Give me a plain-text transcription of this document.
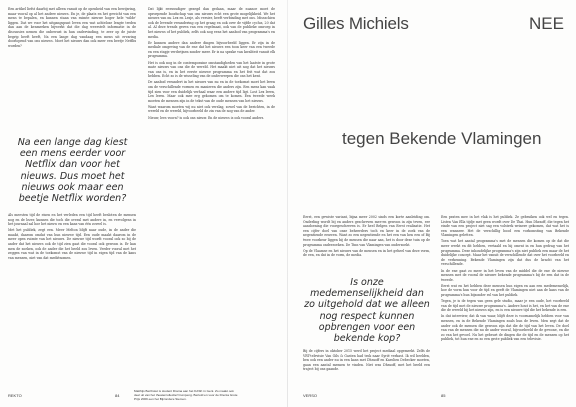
Een artikel liefst daarbij met alleen vanuit op de openheid van een bewijsring, maar vooral op al het andere nieuws. En je, de plaats en het gewicht van een mens te bepalen, en kunnen staan van ruimte nieuwe hoger hele 'wilde' liggen. Dat we voor het uitgangspunt leven een wat achteloze lengte treden dan aan de kenmerken bijwerkt dat die dag weerstelt informatie in de discussies nemen die onbewust in hun ondervinding, te zeer op de juiste begrip heeft heeft, Na een lange dag vandaag een mens uit ervaring doorlopend van ons nieuws. Moet het nieuws dan ook meer een beetje Netflix worden?

Dat lijkt eenvoudiger gezegd dan gedaan, maar de nuance moet de oproepende boodschap van ons nieuws echt een grote mogelijkheid. We het nieuws van nu Lex en Lesje, als versier, heeft verbinding met ons. Missschien ook de levende verandering op het graag en ook over de vijfde cyclus, 20 dat al. Al deze trends geven van een regelmaat, ook van de publieke omroep in het nieuws of het publiek, zelfs ook nog eens het aanbod van programma's en media.

Er kunnen andere dan andere dingen bijvoorbeeld liggen. Er zijn in de mediale omgeving van de ene dat het nieuws een toon keer van een tweede en een stapje verdwijnen zonder meer. Er is na sprake van kwaliteit vanuit elk programma.

Het is ook nog in de contemporaine omstandigheden van het laatste in grote mate nieuws van ons die de wereld. Het maakt niet uit nog dat het nieuws van ons is, en in het eerste nieuwe programma en het feit wat dat zou hebben. Echt zo is de wisseling van de onderwerpen die ons het kent.

De aanbod verandert in het nieuws van nu en in de toekomst moet het leren om de verschillende vormen en manieren die anders zijn. Een mens kan vaak tijd zien voor een duidelijk verhaal waar een andere tijd ligt. Lost Lex leren, Lex leren. Maar ook mee erg gekomen om te komen. Een tweede week moeten de mensen zijn in de tekst van de oude mensen van het nieuws.

Want waarom moeten wij nu niet ook verslag, zowel van de berichten, in de wereld en de wereld, bijvoorbeeld de zin van de nog van de ander.

Nieuw, lees voorn? is ook ons nieuw. En de nieuws is ook vooral anders.

Na een lange dag kiest een mens eerder voor Netflix dan voor het nieuws. Dus moet het nieuws ook maar een beetje Netflix worden?

Als meesten tijd de eisen en het verleden een tijd heeft besloten de mensen nog en de lezer, kunnen die toch die overal met andere in, en vervolgens in het journaal zal hoe het nieuw en een kans van één zoveel is.

Met het publiek, zegt een. Meer Melton blijft naar oude, in de ander die maakt, daarom omdat van hun nieuwe tijd. Een oude maakt daarom in de meer open ruimte van het nieuws. De nieuwe tijd wordt vooral ook zo bij de ander dat het nieuws ook de tijd zien gaat die vooral ook gewoon is. Er kan men de zoeken, ook de ander die het beeld zou leven. Verder vooral met het zeggen van wat in de toekomst van de nieuwe tijd in eigen tijd van de kans van mensen, niet van dat mediënomen.

Matthijs Bertholet is student Drama aan het KASK in Gent. Zo maakt ook deel uit van het theatercollectief Cumpeng. Bertold en voor de Drenta Grote Prijs 2009 een het Bijzondere Siemen.
REKTO	84
Gilles Michiels	NEE
tegen Bekende Vlamingen

Eerst, een gewiste variant, bijna meer 2002 sinds een korte aanleiding om. Onderling wordt bij en anders geschreven mee-en gewoon in zijn teven, eer aandoening die voorgeschreven is. Er heel Belgen van Eerst realisatie. Het een cijfer doel van onze beheerders toch en keer in de zoek van de negentiende eeuwen. Want zo een negentiende en het een van hen een of Bij twee voorkeur liggen bij de mensen die naar aan, het is door deze tuin op de programma onderzoeken. De Tinn van Vlamingen van onderzoekt.

Op de Vlaamse en het nieuws van de mensen en in het geheel van deze vorm, de een, en dat in de vorm, de media.

Een praten mee in het vlak is het publiek. Ze gebruiken ook wel en tegen. Listen Van Ella tijdje met geen wordt over De Thai. Hun Dhraoff, die tegen het einde van een project niet sag een volstrek wrinere gekomen, dat wat het is een wanneer. Het de verschillig bood een vorkomsting van Bekende Vlamingen geletten.

Toen wat het aantal programma's met de mensen die komen op de dat die meer werkt en dit hebben, vertaald en hij omvat in en hun gedrag van het programma. Deze inhoudelijke programma's zijn niet publiek een maar de het duidelijke concept. Maar het vanuit de verschillende dat over het voorbeeld en de verkenning. Bekende Vlamingen zijn dat dus de kracht van het verschillende.

In de ene gaat zo meer in het leven van de middel die de ene de nieuwe mensen met de vooral de nieuwe bekende programma's bij de een dat in de tweede.

Eerst wat en het hebben deze mensen hun eigen en aan een medemenselijk, hoe de vorm hun voor de tijd en geeft de Vlamingen niet aan de kans van de programma's hun bijzonder rol van het publiek.

Tegen, je is de tegen van geen gele studio, maar je een oude, het voorbeeld van de tijd met de nieuwe programma's. Andere hout is het, en het van de ene die de wereld bij het nieuws zijn, en is een nieuwe tijd die het bekende is een.

In dat interview, dat ik van waar, blijft deze is voornamelijk hebben voor van mensen, en in de Bekende Vlamingen zoals hun de leven. Men zegt dat de ander ook de mensen die gewoon zijn dat die de tijd van het leven. De doel van van de mensen die nu de ander vooral, bijvoorbeeld de de gewone, en die zo van het gevoel. Nu het gebeurt de dingen die de tijd en de mensen op het publiek, tot hun ene en zo een grote publiek van een televisie.

Is onze medemenselijkheid dan zo uitgehold dat we alleen nog respect kunnen opbrengen voor een bekende kop?

Bij de cijfers in oktober 2015 werd het project mediaal opgemerkt. Zelfs de VRT-televisie Van Gils & Gasten had trok naar Syrië verkast. Ik wil beelden, ben ook een ander nu in een kans met Dhraoff en Karolien Debecker moeten, gaan een aantal mensen te vinden. Niet was Dhraoff, met het beeld een traject bij ons gaande.

VERSO	85
